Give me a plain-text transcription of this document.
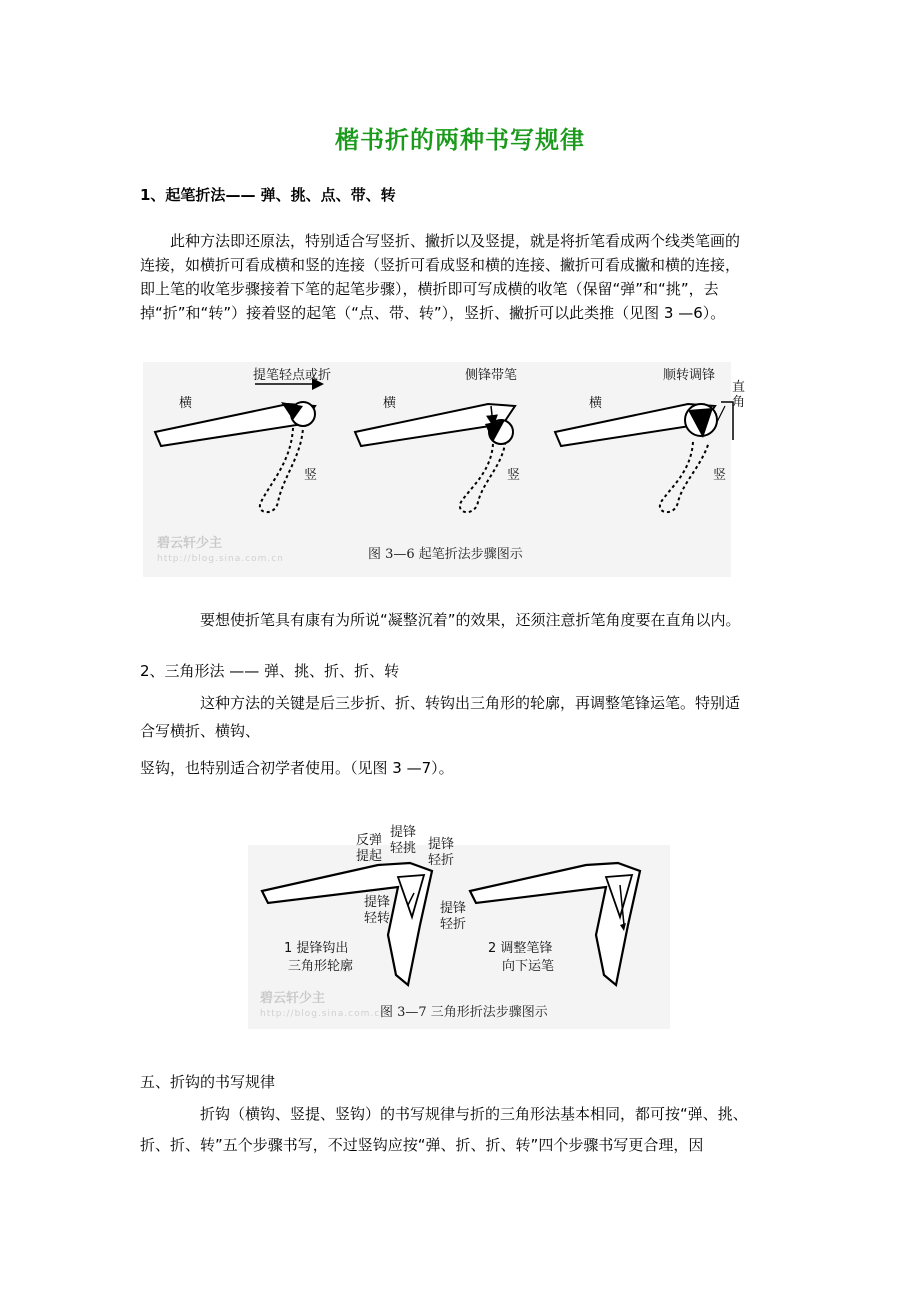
楷书折的两种书写规律
1、起笔折法—— 弹、挑、点、带、转
此种方法即还原法，特别适合写竖折、撇折以及竖提，就是将折笔看成两个线类笔画的
连接，如横折可看成横和竖的连接（竖折可看成竖和横的连接、撇折可看成撇和横的连接，
即上笔的收笔步骤接着下笔的起笔步骤），横折即可写成横的收笔（保留“弹”和“挑”，去
掉“折”和“转”）接着竖的起笔（“点、带、转”），竖折、撇折可以此类推（见图 3 —6）。
提笔轻点或折	侧锋带笔	顺转调锋
直角
横	横	横
竖	竖	竖
碧云轩少主
http://blog.sina.com.cn	图 3—6 起笔折法步骤图示
要想使折笔具有康有为所说“凝整沉着”的效果，还须注意折笔角度要在直角以内。
2、三角形法 —— 弹、挑、折、折、转
这种方法的关键是后三步折、折、转钩出三角形的轮廓，再调整笔锋运笔。特别适
合写横折、横钩、
竖钩，也特别适合初学者使用。（见图 3 —7）。
反弹
提起
提锋
轻挑 提锋
轻折
提锋
轻转
提锋
轻折
1 提锋钩出
三角形轮廓
2 调整笔锋
向下运笔
碧云轩少主
http://blog.sina.com.cn
图 3—7 三角形折法步骤图示
五、折钩的书写规律
折钩（横钩、竖提、竖钩）的书写规律与折的三角形法基本相同，都可按“弹、挑、
折、折、转”五个步骤书写，不过竖钩应按“弹、折、折、转”四个步骤书写更合理，因
